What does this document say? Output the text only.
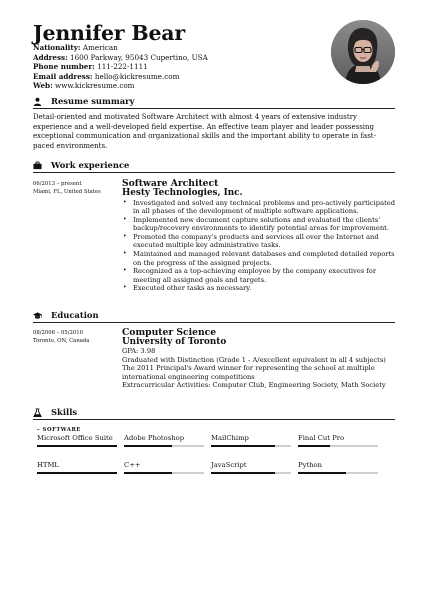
Jennifer Bear
Nationality: American
Address: 1600 Parkway, 95043 Cupertino, USA
Phone number: 111-222-1111
Email address: hello@kickresume.com
Web: www.kickresume.com
Resume summary
Detail-oriented and motivated Software Architect with almost 4 years of extensive industry experience and a well-developed field expertise. An effective team player and leader possessing exceptional communication and organizational skills and the important ability to operate in fast-paced environments.
Work experience
06/2013 – present
Miami, FL, United States
Software Architect
Hesty Technologies, Inc.
• Investigated and solved any technical problems and pro-actively participated in all phases of the development of multiple software applications.
• Implemented new document capture solutions and evaluated the clients' backup/recovery environments to identify potential areas for improvement.
• Promoted the company's products and services all over the Internet and executed multiple key administrative tasks.
• Maintained and managed relevant databases and completed detailed reports on the progress of the assigned projects.
• Recognized as a top-achieving employee by the company executives for meeting all assigned goals and targets.
• Executed other tasks as necessary.
Education
08/2006 – 05/2010
Toronto, ON, Canada
Computer Science
University of Toronto
GPA: 3.98
Graduated with Distinction (Grade 1 - A/excellent equivalent in all 4 subjects)
The 2011 Principal's Award winner for representing the school at multiple international engineering competitions
Extracurricular Activities: Computer Club, Engineering Society, Math Society
Skills
– SOFTWARE
Microsoft Office Suite	Adobe Photoshop	MailChimp	Final Cut Pro
HTML	C++	JavaScript	Python
